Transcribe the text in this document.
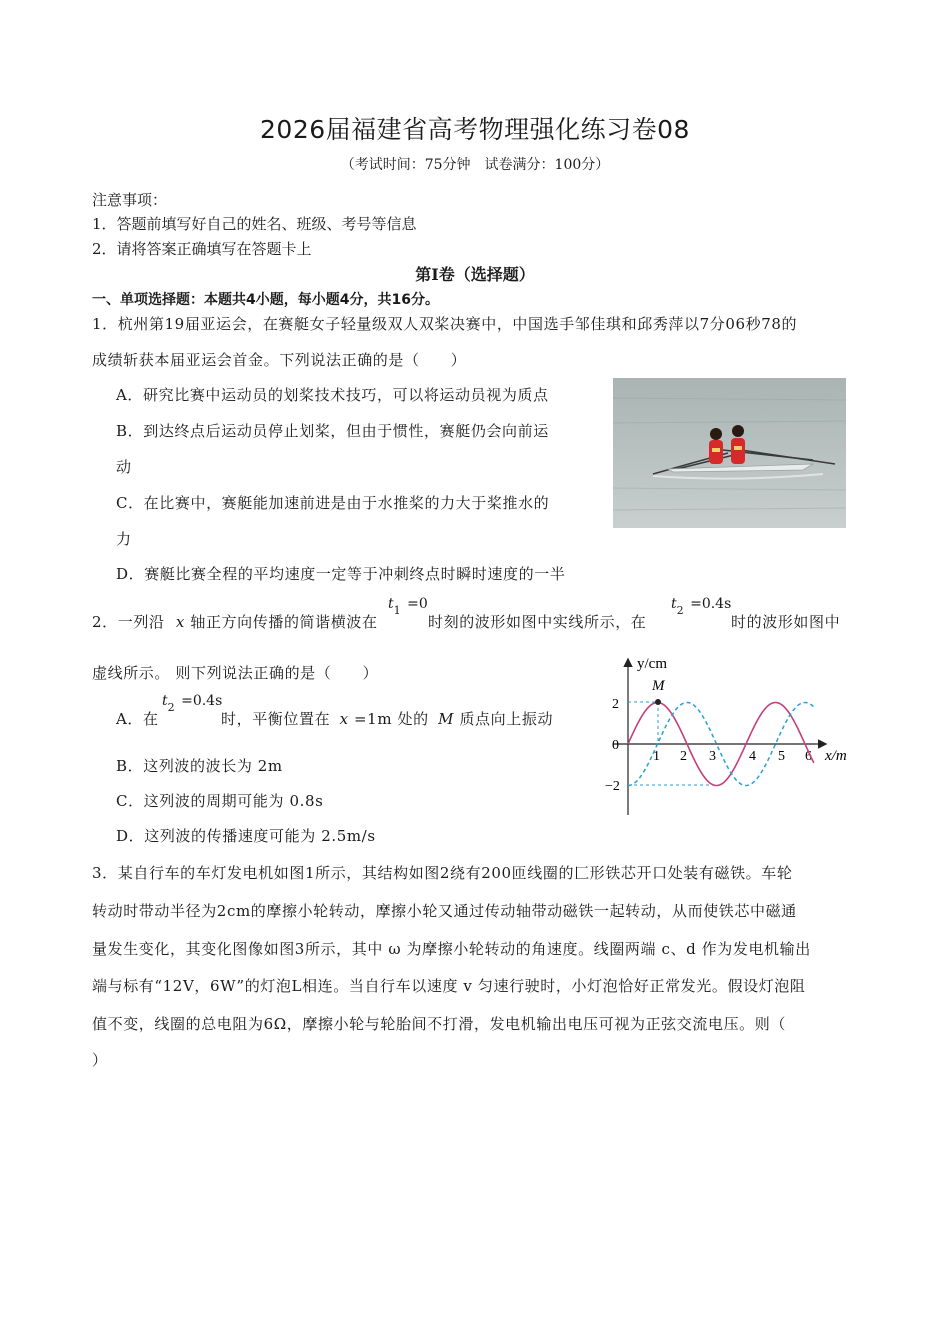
2026届福建省高考物理强化练习卷08
（考试时间：75分钟　试卷满分：100分）
注意事项：
1．答题前填写好自己的姓名、班级、考号等信息
2．请将答案正确填写在答题卡上
第Ⅰ卷（选择题）
一、单项选择题：本题共4小题，每小题4分，共16分。
1．杭州第19届亚运会，在赛艇女子轻量级双人双桨决赛中，中国选手邹佳琪和邱秀萍以7分06秒78的
成绩斩获本届亚运会首金。下列说法正确的是（　　）
A．研究比赛中运动员的划桨技术技巧，可以将运动员视为质点
B．到达终点后运动员停止划桨，但由于惯性，赛艇仍会向前运
动
C．在比赛中，赛艇能加速前进是由于水推桨的力大于桨推水的
力
D．赛艇比赛全程的平均速度一定等于冲刺终点时瞬时速度的一半
2．一列沿 x 轴正方向传播的简谐横波在
$t_1 =0$
时刻的波形如图中实线所示，在
$t_2 =0.4s$
时的波形如图中
虚线所示。 则下列说法正确的是（　　）
A．在
$t_2 =0.4s$
时，平衡位置在 x =1m 处的 M 质点向上振动
B．这列波的波长为 2m
C．这列波的周期可能为 0.8s
D．这列波的传播速度可能为 2.5m/s
y/cm
x/m
2
0
−2
1 2 3 4 5 6
M
3．某自行车的车灯发电机如图1所示，其结构如图2绕有200匝线圈的匚形铁芯开口处装有磁铁。车轮
转动时带动半径为2cm的摩擦小轮转动，摩擦小轮又通过传动轴带动磁铁一起转动，从而使铁芯中磁通
量发生变化，其变化图像如图3所示，其中 ω 为摩擦小轮转动的角速度。线圈两端 c、d 作为发电机输出
端与标有“12V，6W”的灯泡L相连。当自行车以速度 v 匀速行驶时，小灯泡恰好正常发光。假设灯泡阻
值不变，线圈的总电阻为6Ω，摩擦小轮与轮胎间不打滑，发电机输出电压可视为正弦交流电压。则（
）
